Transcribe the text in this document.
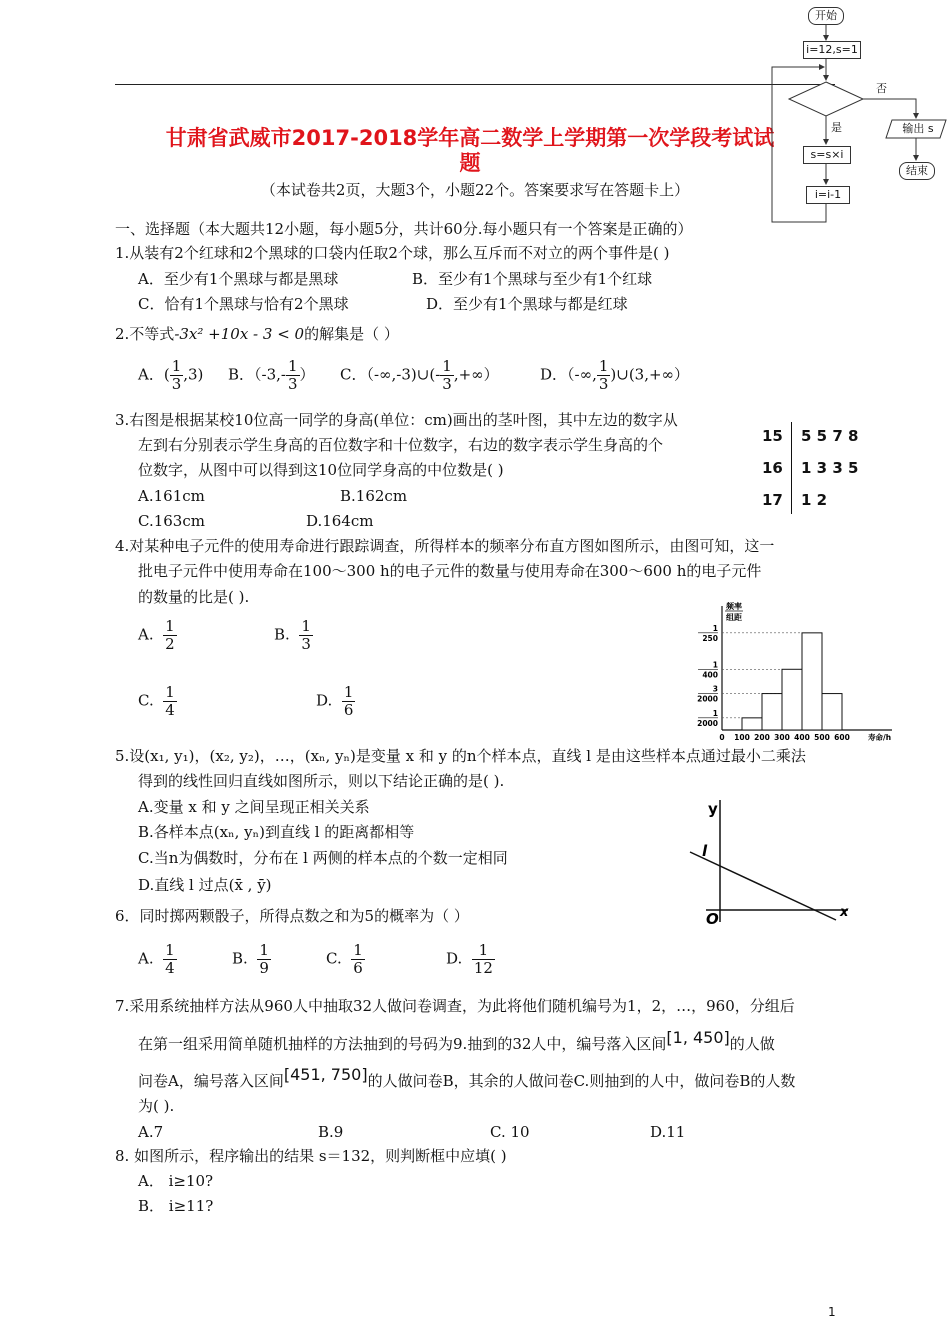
甘肃省武威市2017-2018学年高二数学上学期第一次学段考试试
题
（本试卷共2页，大题3个，小题22个。答案要求写在答题卡上）
一、选择题（本大题共12小题，每小题5分，共计60分.每小题只有一个答案是正确的）
1.从装有2个红球和2个黑球的口袋内任取2个球，那么互斥而不对立的两个事件是( )
A．至少有1个黑球与都是黑球	B．至少有1个黑球与至少有1个红球
C．恰有1个黑球与恰有2个黑球	D．至少有1个黑球与都是红球
2.不等式-3x² +10x - 3 < 0的解集是（ ）
A．( $\frac{1}{3} ,3$) B．（$-3,- \frac{1}{3}$ ） C．（-∞,-3)∪(- $\frac{1}{3}$ ,+∞）	D．（-∞, $\frac{1}{3}$ )∪(3,+∞）
3.右图是根据某校10位高一同学的身高(单位：cm)画出的茎叶图，其中左边的数字从
左到右分别表示学生身高的百位数字和十位数字，右边的数字表示学生身高的个
位数字，从图中可以得到这10位同学身高的中位数是( )
A.161cm	B.162cm
C.163cm	D.164cm
15 5 5 7 8
16 1 3 3 5
17 1 2
4.对某种电子元件的使用寿命进行跟踪调查，所得样本的频率分布直方图如图所示，由图可知，这一
批电子元件中使用寿命在100～300 h的电子元件的数量与使用寿命在300～600 h的电子元件
的数量的比是( ).
A. $\frac{1}{2}$	B. $\frac{1}{3}$
C. $\frac{1}{4}$	D. $\frac{1}{6}$
频率
组距
1
250
1
400
3
2000
1
2000
0 100 200 300 400 500 600 寿命/h
5.设(x₁, y₁)，(x₂, y₂)，…，(xₙ, yₙ)是变量 x 和 y 的n个样本点，直线 l 是由这些样本点通过最小二乘法
得到的线性回归直线如图所示，则以下结论正确的是( ).
A.变量 x 和 y 之间呈现正相关关系
B.各样本点(xₙ, yₙ)到直线 l 的距离都相等
C.当n为偶数时，分布在 l 两侧的样本点的个数一定相同
D.直线 l 过点(x̄ , ȳ)
y
x
O
l
6．同时掷两颗骰子，所得点数之和为5的概率为（ ）
A. $\frac{1}{4}$	B. $\frac{1}{9}$	C. $\frac{1}{6}$	D. $\frac{1}{12}$
7.采用系统抽样方法从960人中抽取32人做问卷调查，为此将他们随机编号为1，2，…，960，分组后
在第一组采用简单随机抽样的方法抽到的号码为9.抽到的32人中，编号落入区间[1, 450]的人做
问卷A，编号落入区间[451, 750]的人做问卷B，其余的人做问卷C.则抽到的人中，做问卷B的人数
为( ).
A.7	B.9	C. 10	D.11
8. 如图所示，程序输出的结果 s＝132，则判断框中应填( )
A． i≥10?
B． i≥11?
1
开始
i=12,s=1
否
是	输出 s
结束
s=s×i
i=i-1
